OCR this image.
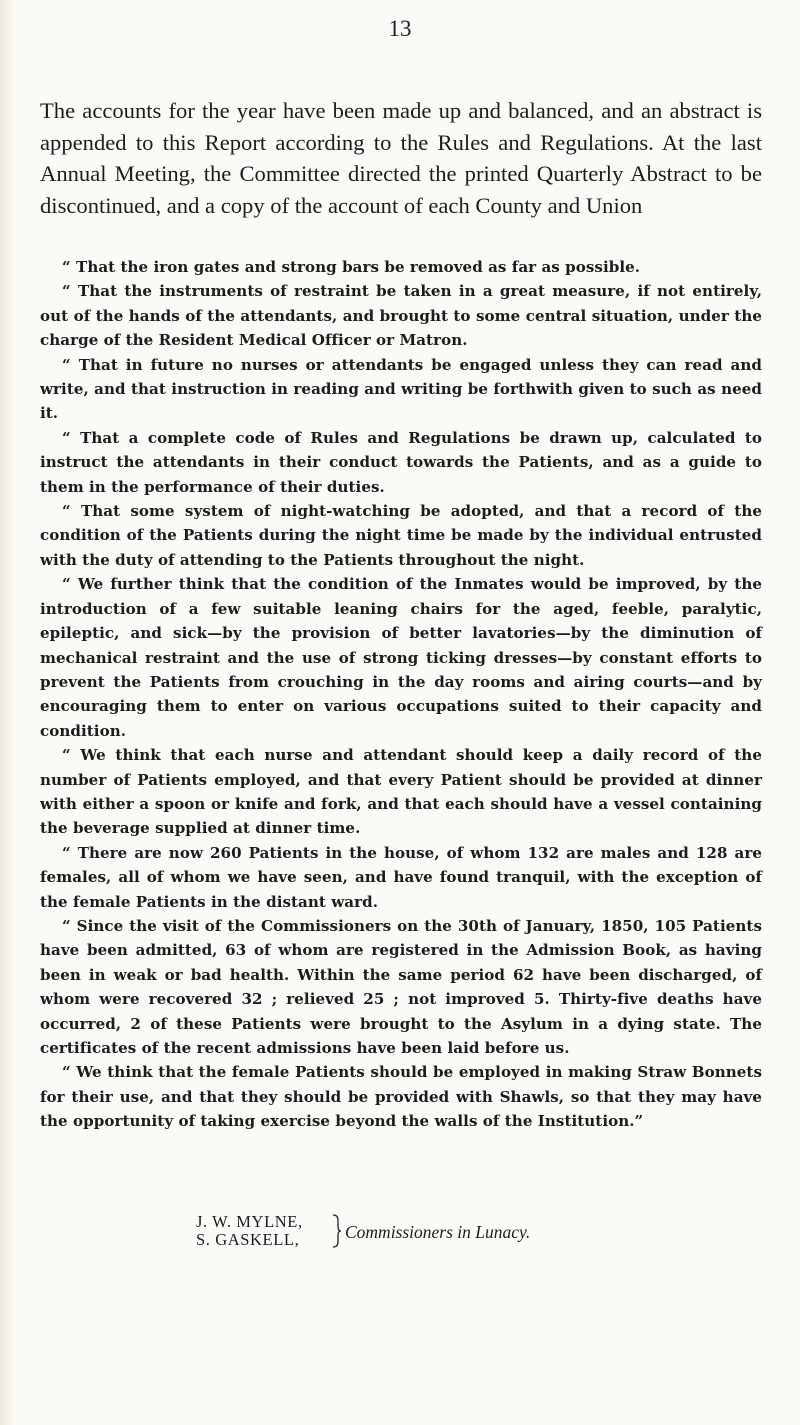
13

The accounts for the year have been made up and balanced, and an abstract is appended to this Report according to the Rules and Regulations. At the last Annual Meeting, the Committee directed the printed Quarterly Abstract to be discontinued, and a copy of the account of each County and Union

“ That the iron gates and strong bars be removed as far as possible.

“ That the instruments of restraint be taken in a great measure, if not entirely, out of the hands of the attendants, and brought to some central situation, under the charge of the Resident Medical Officer or Matron.

“ That in future no nurses or attendants be engaged unless they can read and write, and that instruction in reading and writing be forthwith given to such as need it.

“ That a complete code of Rules and Regulations be drawn up, calculated to instruct the attendants in their conduct towards the Patients, and as a guide to them in the performance of their duties.

“ That some system of night-watching be adopted, and that a record of the condition of the Patients during the night time be made by the individual entrusted with the duty of attending to the Patients throughout the night.

“ We further think that the condition of the Inmates would be improved, by the introduction of a few suitable leaning chairs for the aged, feeble, paralytic, epileptic, and sick—by the provision of better lavatories—by the diminution of mechanical restraint and the use of strong ticking dresses—by constant efforts to prevent the Patients from crouching in the day rooms and airing courts—and by encouraging them to enter on various occupations suited to their capacity and condition.

“ We think that each nurse and attendant should keep a daily record of the number of Patients employed, and that every Patient should be provided at dinner with either a spoon or knife and fork, and that each should have a vessel containing the beverage supplied at dinner time.

“ There are now 260 Patients in the house, of whom 132 are males and 128 are females, all of whom we have seen, and have found tranquil, with the exception of the female Patients in the distant ward.

“ Since the visit of the Commissioners on the 30th of January, 1850, 105 Patients have been admitted, 63 of whom are registered in the Admission Book, as having been in weak or bad health. Within the same period 62 have been discharged, of whom were recovered 32 ; relieved 25 ; not improved 5. Thirty-five deaths have occurred, 2 of these Patients were brought to the Asylum in a dying state. The certificates of the recent admissions have been laid before us.

“ We think that the female Patients should be employed in making Straw Bonnets for their use, and that they should be provided with Shawls, so that they may have the opportunity of taking exercise beyond the walls of the Institution.”

J. W. MYLNE,
S. GASKELL,	Commissioners in Lunacy.
